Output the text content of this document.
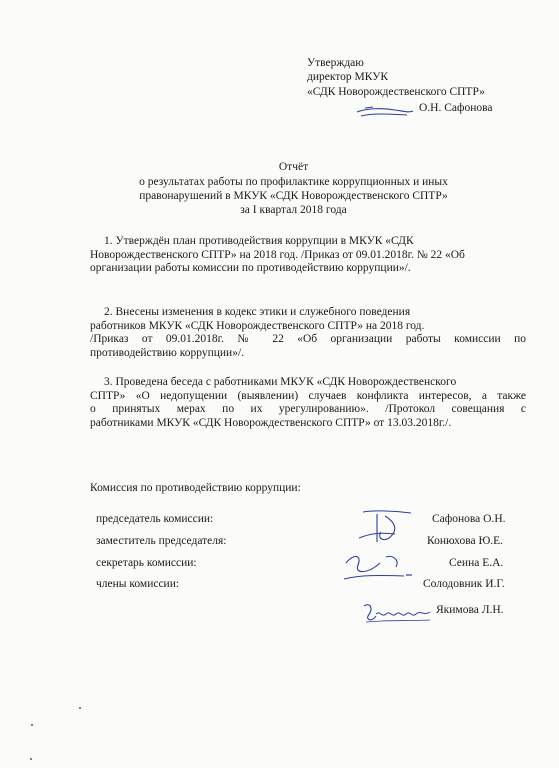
Утверждаю
директор МКУК
«СДК Новорождественского СПТР»
О.Н. Сафонова
Отчёт
о результатах работы по профилактике коррупционных и иных
правонарушений в МКУК «СДК Новорождественского СПТР»
за I квартал 2018 года
1. Утверждён план противодействия коррупции в МКУК «СДК
Новорождественского СПТР» на 2018 год. /Приказ от 09.01.2018г. № 22 «Об
организации работы комиссии по противодействию коррупции»/.
2. Внесены изменения в кодекс этики и служебного поведения
работников МКУК «СДК Новорождественского СПТР» на 2018 год.
/Приказ от 09.01.2018г. № 22 «Об организации работы комиссии по
противодействию коррупции»/.
3. Проведена беседа с работниками МКУК «СДК Новорождественского
СПТР» «О недопущении (выявлении) случаев конфликта интересов, а также
о принятых мерах по их урегулированию». /Протокол совещания с
работниками МКУК «СДК Новорождественского СПТР» от 13.03.2018г./.
Комиссия по противодействию коррупции:
председатель комиссии:	Сафонова О.Н.
заместитель председателя:	Конюхова Ю.Е.
секретарь комиссии:	Сеина Е.А.
члены комиссии:	Солодовник И.Г.
Якимова Л.Н.
